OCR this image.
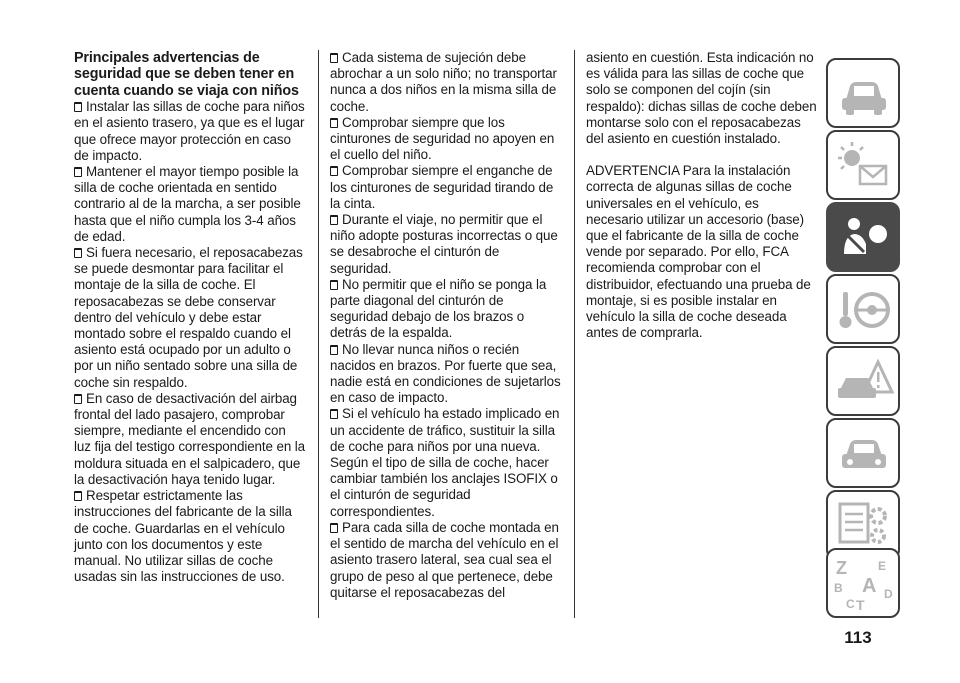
Principales advertencias de seguridad que se deben tener en cuenta cuando se viaja con niños

Instalar las sillas de coche para niños en el asiento trasero, ya que es el lugar que ofrece mayor protección en caso de impacto.

Mantener el mayor tiempo posible la silla de coche orientada en sentido contrario al de la marcha, a ser posible hasta que el niño cumpla los 3-4 años de edad.

Si fuera necesario, el reposacabezas se puede desmontar para facilitar el montaje de la silla de coche. El reposacabezas se debe conservar dentro del vehículo y debe estar montado sobre el respaldo cuando el asiento está ocupado por un adulto o por un niño sentado sobre una silla de coche sin respaldo.

En caso de desactivación del airbag frontal del lado pasajero, comprobar siempre, mediante el encendido con luz fija del testigo correspondiente en la moldura situada en el salpicadero, que la desactivación haya tenido lugar.

Respetar estrictamente las instrucciones del fabricante de la silla de coche. Guardarlas en el vehículo junto con los documentos y este manual. No utilizar sillas de coche usadas sin las instrucciones de uso.

Cada sistema de sujeción debe abrochar a un solo niño; no transportar nunca a dos niños en la misma silla de coche.

Comprobar siempre que los cinturones de seguridad no apoyen en el cuello del niño.

Comprobar siempre el enganche de los cinturones de seguridad tirando de la cinta.

Durante el viaje, no permitir que el niño adopte posturas incorrectas o que se desabroche el cinturón de seguridad.

No permitir que el niño se ponga la parte diagonal del cinturón de seguridad debajo de los brazos o detrás de la espalda.

No llevar nunca niños o recién nacidos en brazos. Por fuerte que sea, nadie está en condiciones de sujetarlos en caso de impacto.

Si el vehículo ha estado implicado en un accidente de tráfico, sustituir la silla de coche para niños por una nueva. Según el tipo de silla de coche, hacer cambiar también los anclajes ISOFIX o el cinturón de seguridad correspondientes.

Para cada silla de coche montada en el sentido de marcha del vehículo en el asiento trasero lateral, sea cual sea el grupo de peso al que pertenece, debe quitarse el reposacabezas del

asiento en cuestión. Esta indicación no es válida para las sillas de coche que solo se componen del cojín (sin respaldo): dichas sillas de coche deben montarse solo con el reposacabezas del asiento en cuestión instalado.

ADVERTENCIA Para la instalación correcta de algunas sillas de coche universales en el vehículo, es necesario utilizar un accesorio (base) que el fabricante de la silla de coche vende por separado. Por ello, FCA recomienda comprobar con el distribuidor, efectuando una prueba de montaje, si es posible instalar en vehículo la silla de coche deseada antes de comprarla.

Z	E
B A
C T
D
113
